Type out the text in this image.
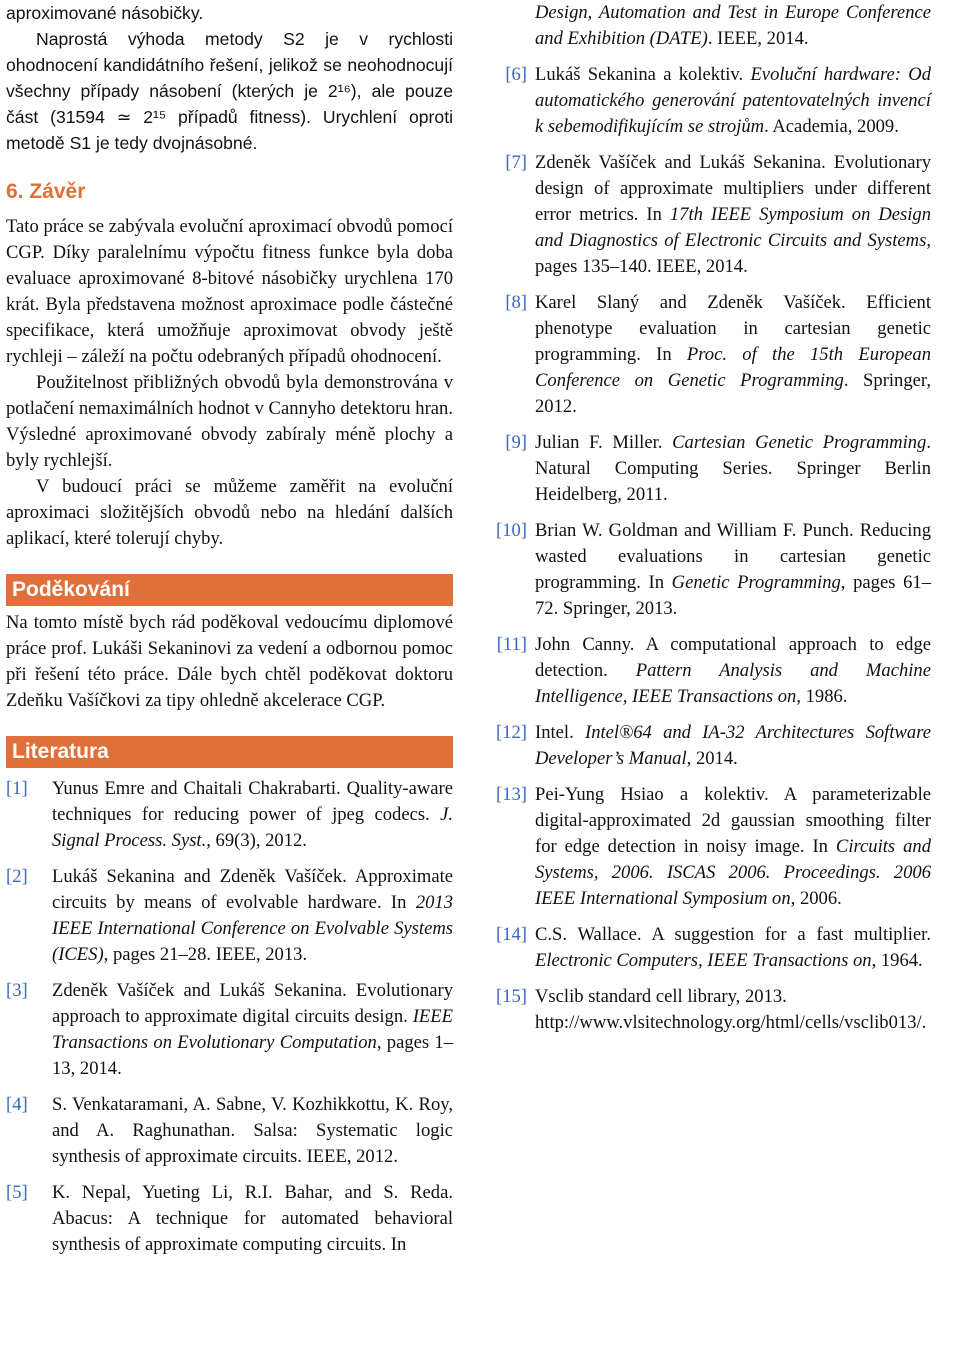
aproximované násobičky.

Naprostá výhoda metody S2 je v rychlosti ohodnocení kandidátního řešení, jelikož se neohodnocují všechny případy násobení (kterých je 2¹⁶), ale pouze část (31594 ≃ 2¹⁵ případů fitness). Urychlení oproti metodě S1 je tedy dvojnásobné.

6. Závěr

Tato práce se zabývala evoluční aproximací obvodů pomocí CGP. Díky paralelnímu výpočtu fitness funkce byla doba evaluace aproximované 8-bitové násobičky urychlena 170 krát. Byla představena možnost aproximace podle částečné specifikace, která umožňuje aproximovat obvody ještě rychleji – záleží na počtu odebraných případů ohodnocení.

Použitelnost přibližných obvodů byla demonstrována v potlačení nemaximálních hodnot v Cannyho detektoru hran. Výsledné aproximované obvody zabíraly méně plochy a byly rychlejší.

V budoucí práci se můžeme zaměřit na evoluční aproximaci složitějších obvodů nebo na hledání dalších aplikací, které tolerují chyby.

Poděkování

Na tomto místě bych rád poděkoval vedoucímu diplomové práce prof. Lukáši Sekaninovi za vedení a odbornou pomoc při řešení této práce. Dále bych chtěl poděkovat doktoru Zdeňku Vašíčkovi za tipy ohledně akcelerace CGP.

Literatura
[1]	Yunus Emre and Chaitali Chakrabarti. Quality-aware techniques for reducing power of jpeg codecs. J. Signal Process. Syst., 69(3), 2012.
[2]	Lukáš Sekanina and Zdeněk Vašíček. Approximate circuits by means of evolvable hardware. In 2013 IEEE International Conference on Evolvable Systems (ICES), pages 21–28. IEEE, 2013.
[3]	Zdeněk Vašíček and Lukáš Sekanina. Evolutionary approach to approximate digital circuits design. IEEE Transactions on Evolutionary Computation, pages 1–13, 2014.
[4]	S. Venkataramani, A. Sabne, V. Kozhikkottu, K. Roy, and A. Raghunathan. Salsa: Systematic logic synthesis of approximate circuits. IEEE, 2012.
[5]	K. Nepal, Yueting Li, R.I. Bahar, and S. Reda. Abacus: A technique for automated behavioral synthesis of approximate computing circuits. In
Design, Automation and Test in Europe Conference and Exhibition (DATE). IEEE, 2014.
[6] Lukáš Sekanina a kolektiv. Evoluční hardware: Od automatického generování patentovatelných invencí k sebemodifikujícím se strojům. Academia, 2009.
[7] Zdeněk Vašíček and Lukáš Sekanina. Evolutionary design of approximate multipliers under different error metrics. In 17th IEEE Symposium on Design and Diagnostics of Electronic Circuits and Systems, pages 135–140. IEEE, 2014.
[8] Karel Slaný and Zdeněk Vašíček. Efficient phenotype evaluation in cartesian genetic programming. In Proc. of the 15th European Conference on Genetic Programming. Springer, 2012.
[9] Julian F. Miller. Cartesian Genetic Programming. Natural Computing Series. Springer Berlin Heidelberg, 2011.
[10] Brian W. Goldman and William F. Punch. Reducing wasted evaluations in cartesian genetic programming. In Genetic Programming, pages 61–72. Springer, 2013.
[11] John Canny. A computational approach to edge detection. Pattern Analysis and Machine Intelligence, IEEE Transactions on, 1986.
[12] Intel. Intel®64 and IA-32 Architectures Software Developer’s Manual, 2014.
[13] Pei-Yung Hsiao a kolektiv. A parameterizable digital-approximated 2d gaussian smoothing filter for edge detection in noisy image. In Circuits and Systems, 2006. ISCAS 2006. Proceedings. 2006 IEEE International Symposium on, 2006.
[14] C.S. Wallace. A suggestion for a fast multiplier. Electronic Computers, IEEE Transactions on, 1964.
[15] Vsclib standard cell library, 2013. http://www.vlsitechnology.org/html/cells/vsclib013/.
